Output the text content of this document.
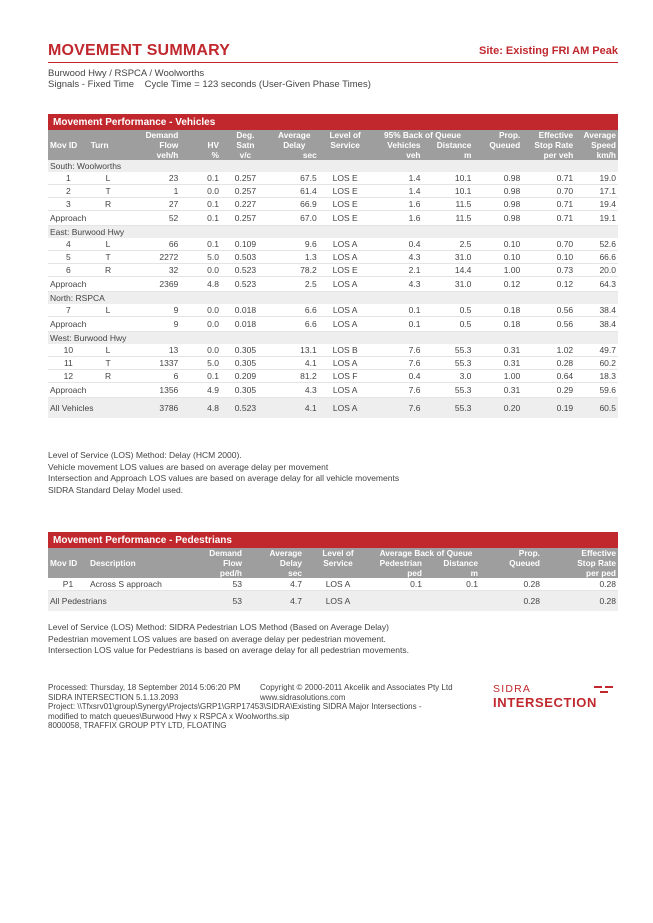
MOVEMENT SUMMARY	Site: Existing FRI AM Peak
Burwood Hwy / RSPCA / Woolworths
Signals - Fixed Time    Cycle Time = 123 seconds (User-Given Phase Times)
Movement Performance - Vehicles											
		Demand		Deg.	Average	Level of	95% Back of Queue		Prop.	Effective	Average
Mov ID	Turn	Flow	HV	Satn	Delay	Service	Vehicles	Distance	Queued	Stop Rate	Speed
		veh/h	%	v/c	sec		veh	m		per veh	km/h
South: Woolworths											
1	L	23	0.1	0.257	67.5	LOS E	1.4	10.1	0.98	0.71	19.0
2	T	1	0.0	0.257	61.4	LOS E	1.4	10.1	0.98	0.70	17.1
3	R	27	0.1	0.227	66.9	LOS E	1.6	11.5	0.98	0.71	19.4
Approach		52	0.1	0.257	67.0	LOS E	1.6	11.5	0.98	0.71	19.1
East: Burwood Hwy											
4	L	66	0.1	0.109	9.6	LOS A	0.4	2.5	0.10	0.70	52.6
5	T	2272	5.0	0.503	1.3	LOS A	4.3	31.0	0.10	0.10	66.6
6	R	32	0.0	0.523	78.2	LOS E	2.1	14.4	1.00	0.73	20.0
Approach		2369	4.8	0.523	2.5	LOS A	4.3	31.0	0.12	0.12	64.3
North: RSPCA											
7	L	9	0.0	0.018	6.6	LOS A	0.1	0.5	0.18	0.56	38.4
Approach		9	0.0	0.018	6.6	LOS A	0.1	0.5	0.18	0.56	38.4
West: Burwood Hwy											
10	L	13	0.0	0.305	13.1	LOS B	7.6	55.3	0.31	1.02	49.7
11	T	1337	5.0	0.305	4.1	LOS A	7.6	55.3	0.31	0.28	60.2
12	R	6	0.1	0.209	81.2	LOS F	0.4	3.0	1.00	0.64	18.3
Approach		1356	4.9	0.305	4.3	LOS A	7.6	55.3	0.31	0.29	59.6
All Vehicles		3786	4.8	0.523	4.1	LOS A	7.6	55.3	0.20	0.19	60.5
Level of Service (LOS) Method: Delay (HCM 2000).
Vehicle movement LOS values are based on average delay per movement
Intersection and Approach LOS values are based on average delay for all vehicle movements
SIDRA Standard Delay Model used.
Movement Performance - Pedestrians								
		Demand	Average	Level of	Average Back of Queue		Prop.	Effective
Mov ID	Description	Flow	Delay	Service	Pedestrian	Distance	Queued	Stop Rate
		ped/h	sec		ped	m		per ped
P1	Across S approach	53	4.7	LOS A	0.1	0.1	0.28	0.28
All Pedestrians		53	4.7	LOS A			0.28	0.28
Level of Service (LOS) Method: SIDRA Pedestrian LOS Method (Based on Average Delay)
Pedestrian movement LOS values are based on average delay per pedestrian movement.
Intersection LOS value for Pedestrians is based on average delay for all pedestrian movements.
Processed: Thursday, 18 September 2014 5:06:20 PM
SIDRA INTERSECTION 5.1.13.2093
Project: \\Tfxsrv01\group\Synergy\Projects\GRP1\GRP17453\SIDRA\Existing SIDRA Major Intersections -
modified to match queues\Burwood Hwy x RSPCA x Woolworths.sip
8000058, TRAFFIX GROUP PTY LTD, FLOATING
Copyright © 2000-2011 Akcelik and Associates Pty Ltd
www.sidrasolutions.com
SIDRA
INTERSECTION
